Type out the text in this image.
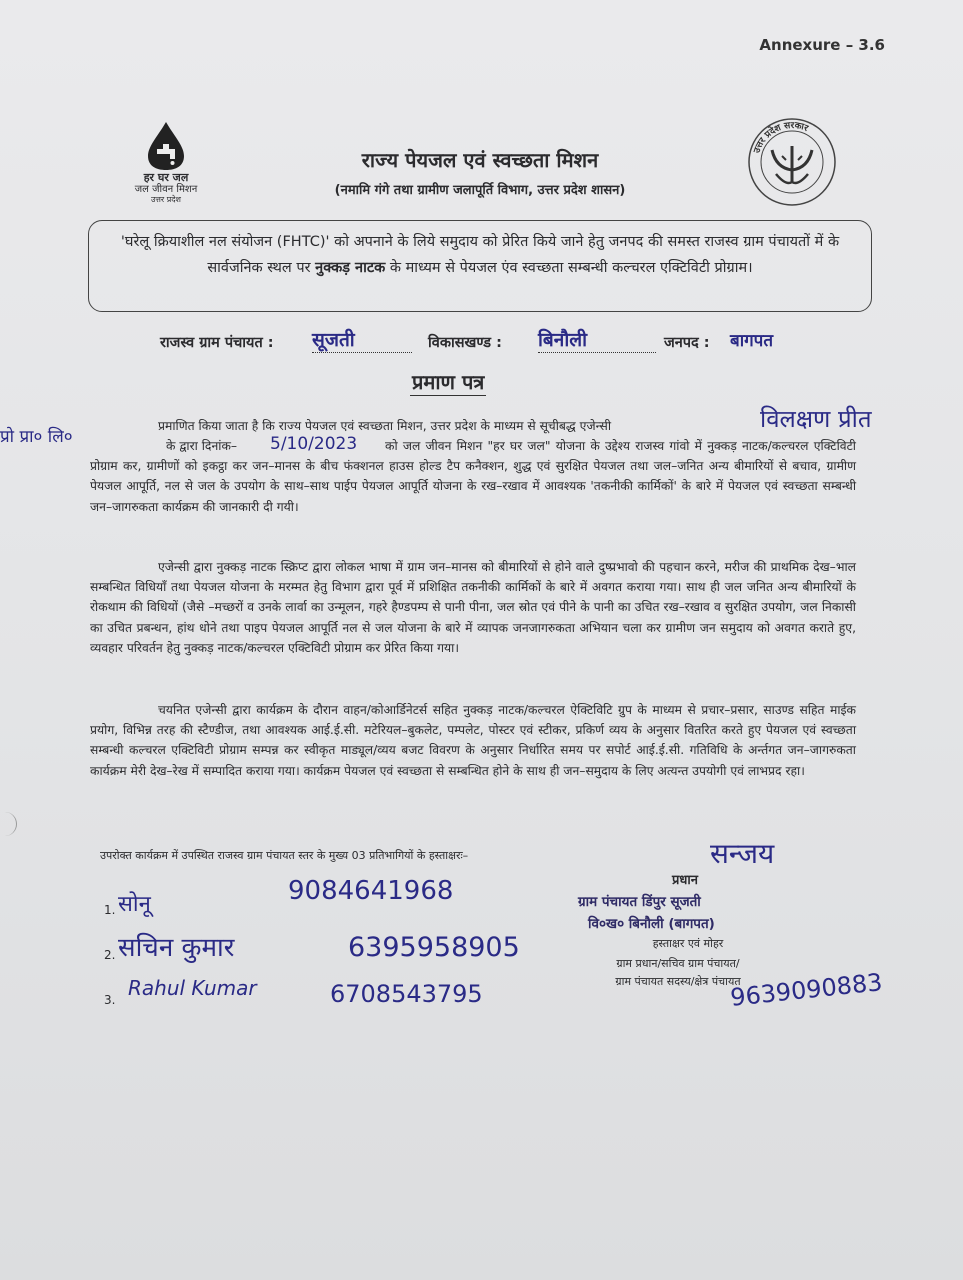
Annexure – 3.6
हर घर जल
जल जीवन मिशन
उत्तर प्रदेश
उत्तर प्रदेश सरकार
राज्य पेयजल एवं स्वच्छता मिशन
(नमामि गंगे तथा ग्रामीण जलापूर्ति विभाग, उत्तर प्रदेश शासन)
'घरेलू क्रियाशील नल संयोजन (FHTC)' को अपनाने के लिये समुदाय को प्रेरित किये जाने हेतु जनपद की समस्त राजस्व ग्राम पंचायतों में के सार्वजनिक स्थल पर नुक्कड़ नाटक के माध्यम से पेयजल एंव स्वच्छता सम्बन्धी कल्चरल एक्टिविटी प्रोग्राम।
राजस्व ग्राम पंचायत : सूजती	विकासखण्ड : बिनौली	जनपद : बागपत
प्रमाण पत्र
प्रो प्रा० लि०
विलक्षण प्रीत
5/10/2023
प्रमाणित किया जाता है कि राज्य पेयजल एवं स्वच्छता मिशन, उत्तर प्रदेश के माध्यम से सूचीबद्ध एजेन्सी
के द्वारा दिनांक–	को जल जीवन मिशन "हर घर जल" योजना के उद्देश्य राजस्व गांवो में नुक्कड़ नाटक/कल्चरल एक्टिविटी प्रोग्राम कर, ग्रामीणों को इकट्ठा कर जन–मानस के बीच फंक्शनल हाउस होल्ड टैप कनैक्शन, शुद्ध एवं सुरक्षित पेयजल तथा जल–जनित अन्य बीमारियों से बचाव, ग्रामीण पेयजल आपूर्ति, नल से जल के उपयोग के साथ–साथ पाईप पेयजल आपूर्ति योजना के रख–रखाव में आवश्यक 'तकनीकी कार्मिकों' के बारे में पेयजल एवं स्वच्छता सम्बन्धी जन–जागरुकता कार्यक्रम की जानकारी दी गयी।
एजेन्सी द्वारा नुक्कड़ नाटक स्क्रिप्ट द्वारा लोकल भाषा में ग्राम जन–मानस को बीमारियों से होने वाले दुष्प्रभावो की पहचान करने, मरीज की प्राथमिक देख–भाल सम्बन्धित विधियाँ तथा पेयजल योजना के मरम्मत हेतु विभाग द्वारा पूर्व में प्रशिक्षित तकनीकी कार्मिकों के बारे में अवगत कराया गया। साथ ही जल जनित अन्य बीमारियों के रोकथाम की विधियों (जैसे –मच्छरों व उनके लार्वा का उन्मूलन, गहरे हैण्डपम्प से पानी पीना, जल स्रोत एवं पीने के पानी का उचित रख–रखाव व सुरक्षित उपयोग, जल निकासी का उचित प्रबन्धन, हांथ धोने तथा पाइप पेयजल आपूर्ति नल से जल योजना के बारे में व्यापक जनजागरुकता अभियान चला कर ग्रामीण जन समुदाय को अवगत कराते हुए, व्यवहार परिवर्तन हेतु नुक्कड़ नाटक/कल्चरल एक्टिविटी प्रोग्राम कर प्रेरित किया गया।
चयनित एजेन्सी द्वारा कार्यक्रम के दौरान वाहन/कोआर्डिनेटर्स सहित नुक्कड़ नाटक/कल्चरल ऐक्टिविटि ग्रुप के माध्यम से प्रचार–प्रसार, साउण्ड सहित माईक प्रयोग, विभिन्न तरह की स्टैण्डीज, तथा आवश्यक आई.ई.सी. मटेरियल–बुकलेट, पम्पलेट, पोस्टर एवं स्टीकर, प्रकिर्ण व्यय के अनुसार वितरित करते हुए पेयजल एवं स्वच्छता सम्बन्धी कल्चरल एक्टिविटी प्रोग्राम सम्पन्न कर स्वीकृत माड्यूल/व्यय बजट विवरण के अनुसार निर्धारित समय पर सपोर्ट आई.ई.सी. गतिविधि के अर्न्तगत जन–जागरुकता कार्यक्रम मेरी देख–रेख में सम्पादित कराया गया। कार्यक्रम पेयजल एवं स्वच्छता से सम्बन्धित होने के साथ ही जन–समुदाय के लिए अत्यन्त उपयोगी एवं लाभप्रद रहा।
उपरोक्त कार्यक्रम में उपस्थित राजस्व ग्राम पंचायत स्तर के मुख्य 03 प्रतिभागियों के हस्ताक्षरः–
1. सोनू	9084641968
2. सचिन कुमार	6395958905
3. Rahul Kumar	6708543795
सन्जय
प्रधान
ग्राम पंचायत डिंपुर सूजती
वि०ख० बिनौली (बागपत)
हस्ताक्षर एवं मोहर
ग्राम प्रधान/सचिव ग्राम पंचायत/
ग्राम पंचायत सदस्य/क्षेत्र पंचायत
9639090883
